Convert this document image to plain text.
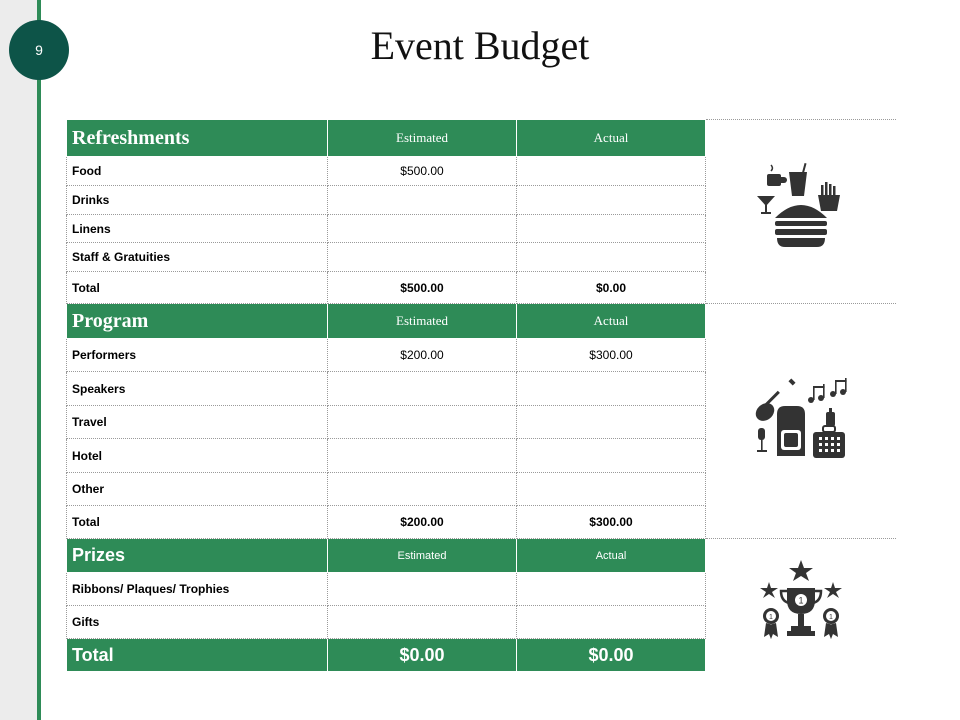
9	Event Budget
Refreshments	Estimated	Actual	
Food	$500.00		
Drinks			
Linens			
Staff & Gratuities			
Total	$500.00	$0.00	
Program	Estimated	Actual	
Performers	$200.00	$300.00	
Speakers			
Travel			
Hotel			
Other			
Total	$200.00	$300.00	
Prizes	Estimated	Actual	1
1 1

Ribbons/ Plaques/ Trophies			
Gifts			
Total	$0.00	$0.00	
